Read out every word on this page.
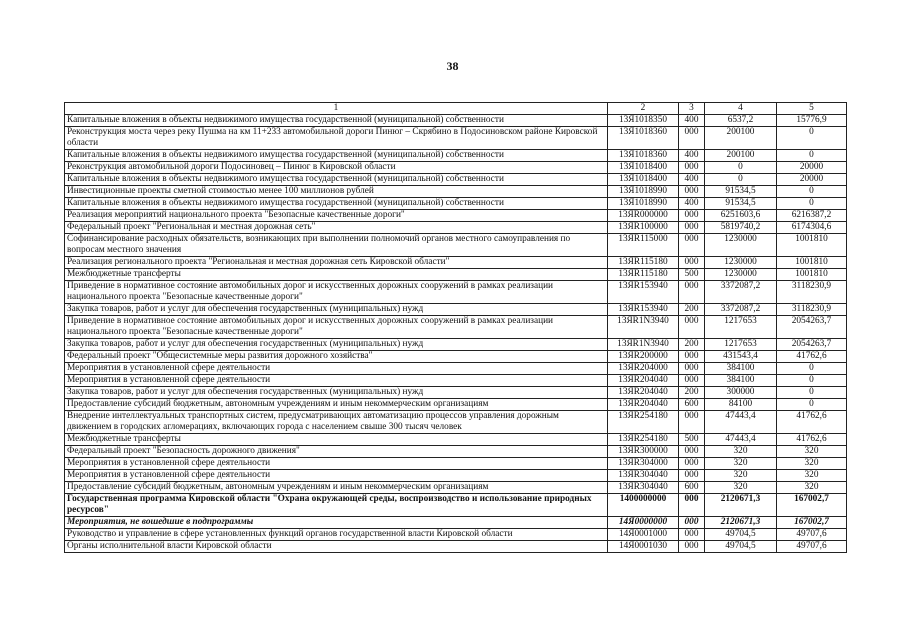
38
1	2	3	4	5
Капитальные вложения в объекты недвижимого имущества государственной (муниципальной) собственности	13Я1018350	400	6537,2	15776,9
Реконструкция моста через реку Пушма на км 11+233 автомобильной дороги Пинюг – Скрябино в Подосиновском районе Кировской области	13Я1018360	000	200100	0
Капитальные вложения в объекты недвижимого имущества государственной (муниципальной) собственности	13Я1018360	400	200100	0
Реконструкция автомобильной дороги Подосиновец – Пинюг в Кировской области	13Я1018400	000	0	20000
Капитальные вложения в объекты недвижимого имущества государственной (муниципальной) собственности	13Я1018400	400	0	20000
Инвестиционные проекты сметной стоимостью менее 100 миллионов рублей	13Я1018990	000	91534,5	0
Капитальные вложения в объекты недвижимого имущества государственной (муниципальной) собственности	13Я1018990	400	91534,5	0
Реализация мероприятий национального проекта "Безопасные качественные дороги"	13ЯR000000	000	6251603,6	6216387,2
Федеральный проект "Региональная и местная дорожная сеть"	13ЯR100000	000	5819740,2	6174304,6
Софинансирование расходных обязательств, возникающих при выполнении полномочий органов местного самоуправления по вопросам местного значения	13ЯR115000	000	1230000	1001810
Реализация регионального проекта "Региональная и местная дорожная сеть Кировской области"	13ЯR115180	000	1230000	1001810
Межбюджетные трансферты	13ЯR115180	500	1230000	1001810
Приведение в нормативное состояние автомобильных дорог и искусственных дорожных сооружений в рамках реализации национального проекта "Безопасные качественные дороги"	13ЯR153940	000	3372087,2	3118230,9
Закупка товаров, работ и услуг для обеспечения государственных (муниципальных) нужд	13ЯR153940	200	3372087,2	3118230,9
Приведение в нормативное состояние автомобильных дорог и искусственных дорожных сооружений в рамках реализации национального проекта "Безопасные качественные дороги"	13ЯR1N3940	000	1217653	2054263,7
Закупка товаров, работ и услуг для обеспечения государственных (муниципальных) нужд	13ЯR1N3940	200	1217653	2054263,7
Федеральный проект "Общесистемные меры развития дорожного хозяйства"	13ЯR200000	000	431543,4	41762,6
Мероприятия в установленной сфере деятельности	13ЯR204000	000	384100	0
Мероприятия в установленной сфере деятельности	13ЯR204040	000	384100	0
Закупка товаров, работ и услуг для обеспечения государственных (муниципальных) нужд	13ЯR204040	200	300000	0
Предоставление субсидий бюджетным, автономным учреждениям и иным некоммерческим организациям	13ЯR204040	600	84100	0
Внедрение интеллектуальных транспортных систем, предусматривающих автоматизацию процессов управления дорожным движением в городских агломерациях, включающих города с населением свыше 300 тысяч человек	13ЯR254180	000	47443,4	41762,6
Межбюджетные трансферты	13ЯR254180	500	47443,4	41762,6
Федеральный проект "Безопасность дорожного движения"	13ЯR300000	000	320	320
Мероприятия в установленной сфере деятельности	13ЯR304000	000	320	320
Мероприятия в установленной сфере деятельности	13ЯR304040	000	320	320
Предоставление субсидий бюджетным, автономным учреждениям и иным некоммерческим организациям	13ЯR304040	600	320	320
Государственная программа Кировской области "Охрана окружающей среды, воспроизводство и использование природных ресурсов"	1400000000	000	2120671,3	167002,7
Мероприятия, не вошедшие в подпрограммы	14Я0000000	000	2120671,3	167002,7
Руководство и управление в сфере установленных функций органов государственной власти Кировской области	14Я0001000	000	49704,5	49707,6
Органы исполнительной власти Кировской области	14Я0001030	000	49704,5	49707,6
